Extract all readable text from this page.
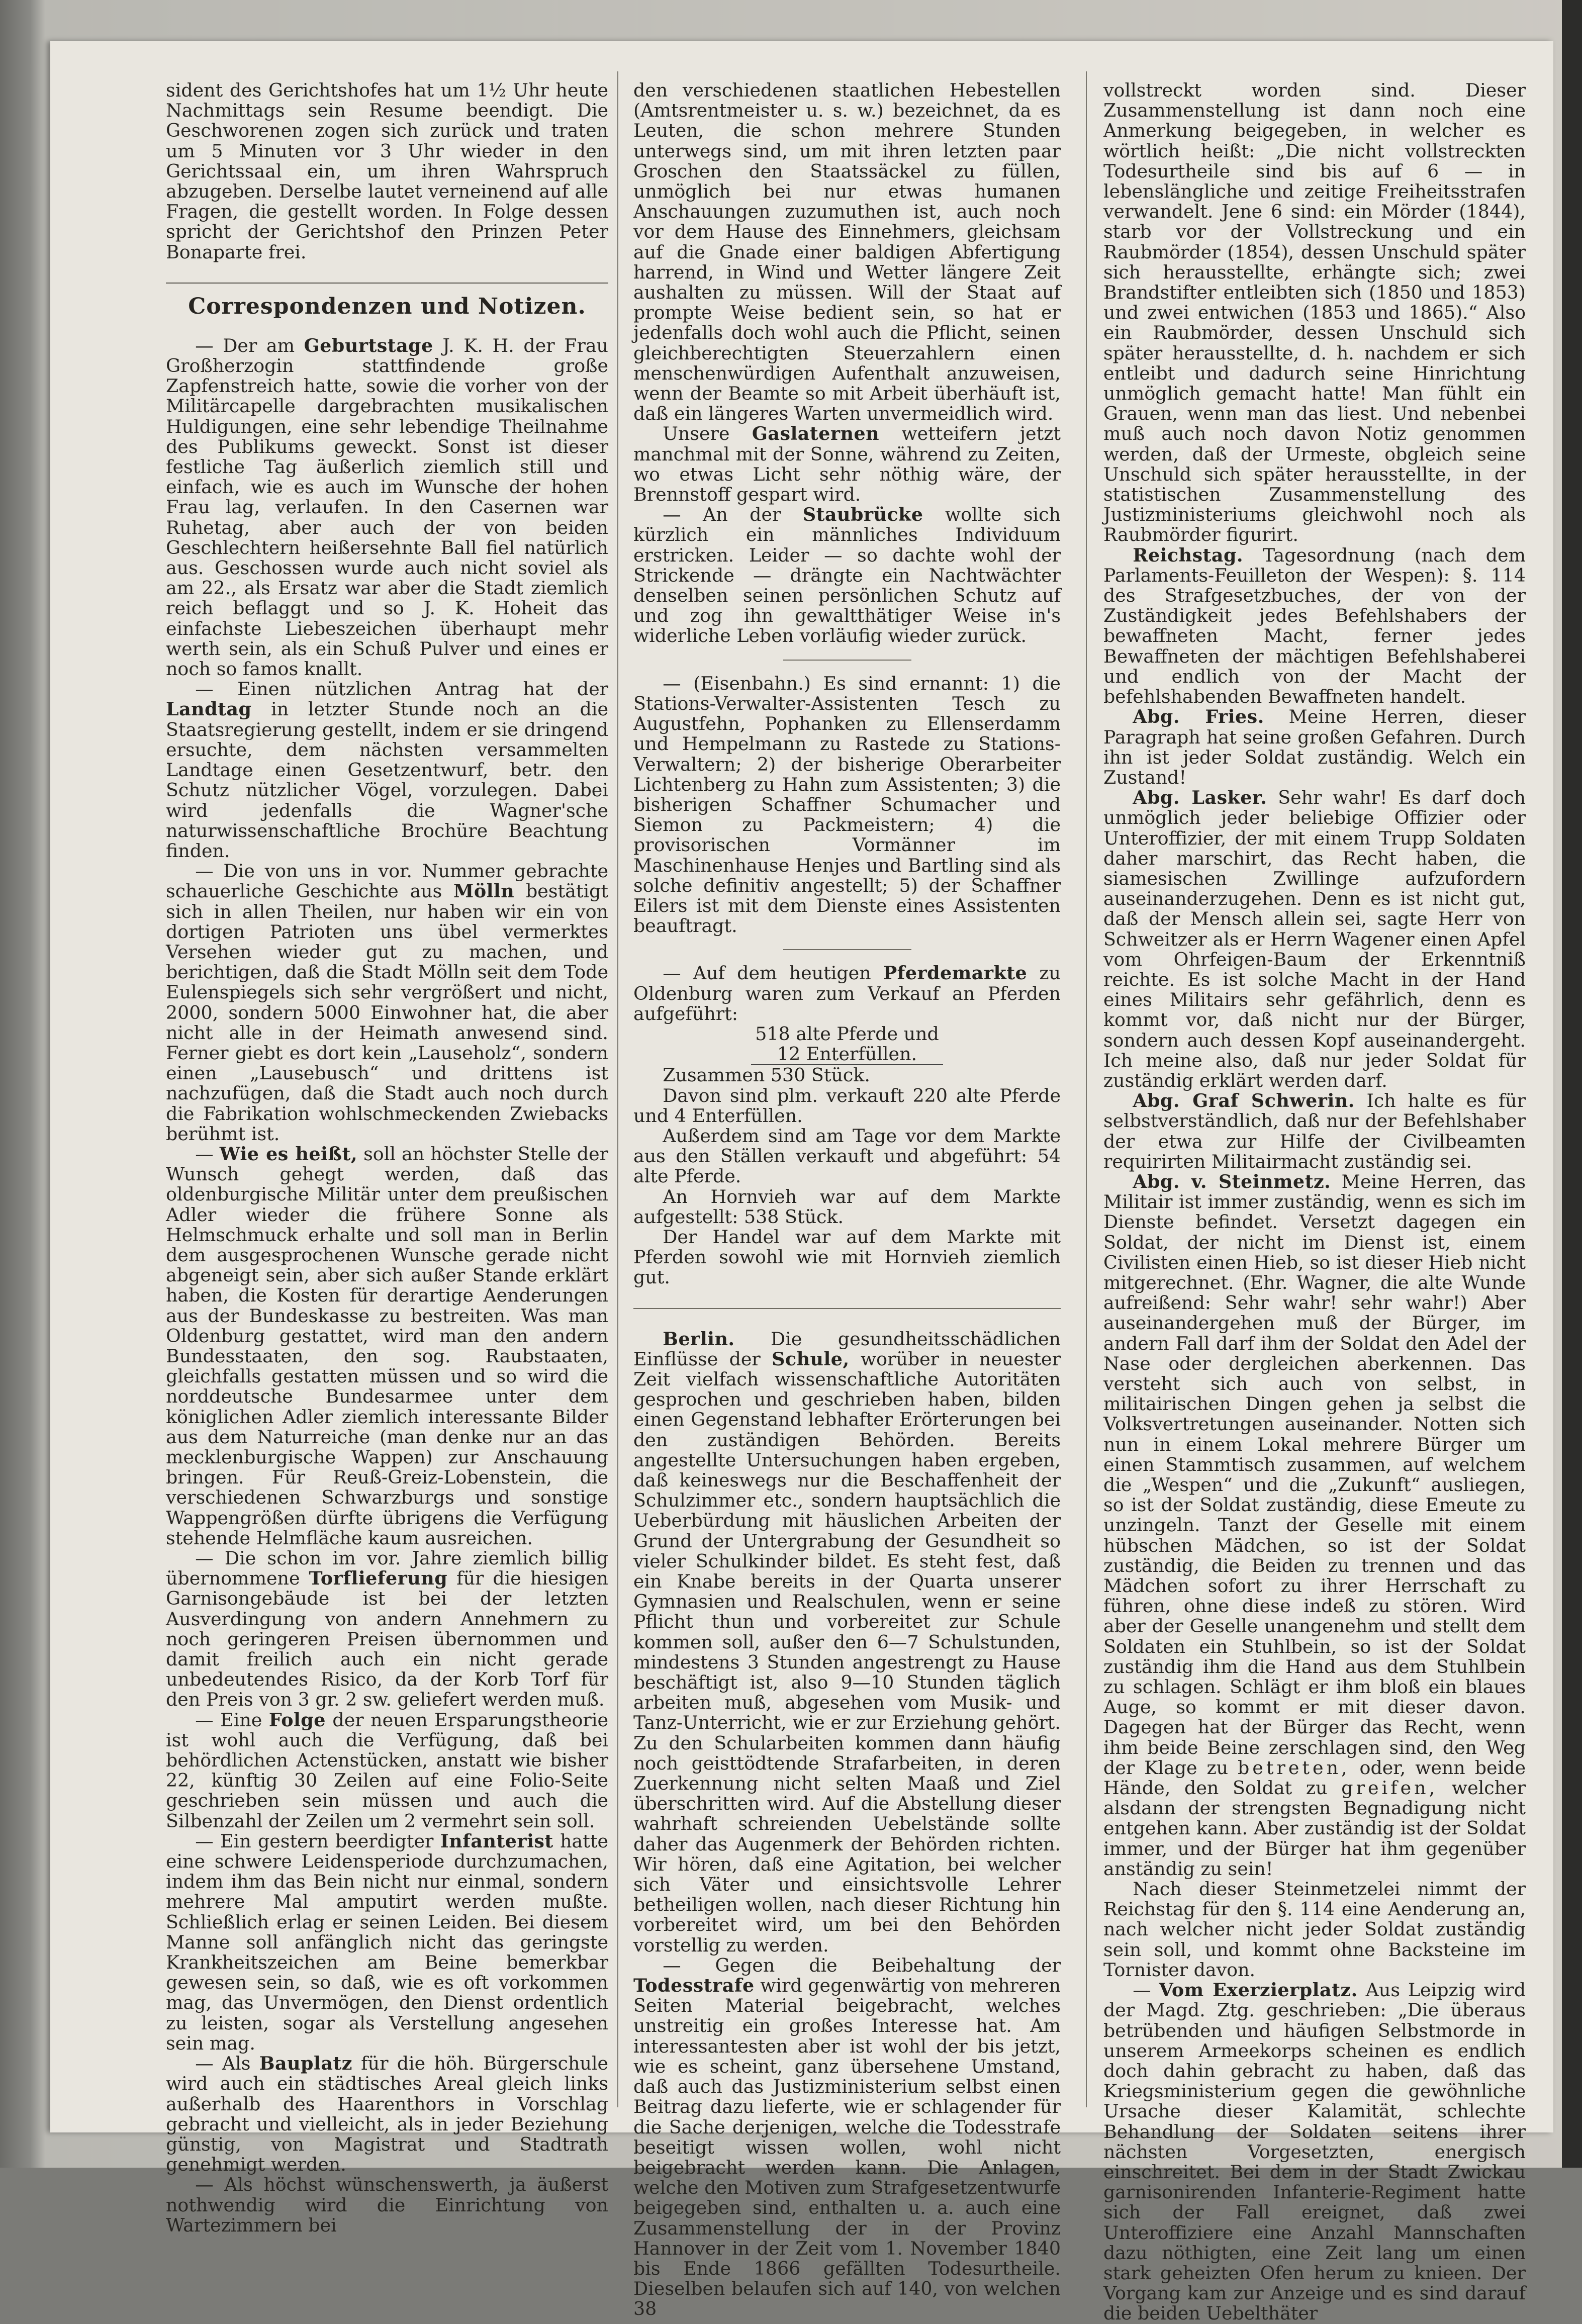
sident des Gerichtshofes hat um 1½ Uhr heute Nachmittags sein Resume beendigt. Die Geschworenen zogen sich zurück und traten um 5 Minuten vor 3 Uhr wieder in den Gerichtssaal ein, um ihren Wahrspruch abzugeben. Derselbe lautet verneinend auf alle Fragen, die gestellt worden. In Folge dessen spricht der Gerichtshof den Prinzen Peter Bonaparte frei.

Correspondenzen und Notizen.

— Der am Geburtstage J. K. H. der Frau Großherzogin stattfindende große Zapfenstreich hatte, sowie die vorher von der Militärcapelle dargebrachten musikalischen Huldigungen, eine sehr lebendige Theilnahme des Publikums geweckt. Sonst ist dieser festliche Tag äußerlich ziemlich still und einfach, wie es auch im Wunsche der hohen Frau lag, verlaufen. In den Casernen war Ruhetag, aber auch der von beiden Geschlechtern heißersehnte Ball fiel natürlich aus. Geschossen wurde auch nicht soviel als am 22., als Ersatz war aber die Stadt ziemlich reich beflaggt und so J. K. Hoheit das einfachste Liebeszeichen überhaupt mehr werth sein, als ein Schuß Pulver und eines er noch so famos knallt.

— Einen nützlichen Antrag hat der Landtag in letzter Stunde noch an die Staatsregierung gestellt, indem er sie dringend ersuchte, dem nächsten versammelten Landtage einen Gesetzentwurf, betr. den Schutz nützlicher Vögel, vorzulegen. Dabei wird jedenfalls die Wagner'sche naturwissenschaftliche Brochüre Beachtung finden.

— Die von uns in vor. Nummer gebrachte schauerliche Geschichte aus Mölln bestätigt sich in allen Theilen, nur haben wir ein von dortigen Patrioten uns übel vermerktes Versehen wieder gut zu machen, und berichtigen, daß die Stadt Mölln seit dem Tode Eulenspiegels sich sehr vergrößert und nicht, 2000, sondern 5000 Einwohner hat, die aber nicht alle in der Heimath anwesend sind. Ferner giebt es dort kein „Lauseholz“, sondern einen „Lausebusch“ und drittens ist nachzufügen, daß die Stadt auch noch durch die Fabrikation wohlschmeckenden Zwiebacks berühmt ist.

— Wie es heißt, soll an höchster Stelle der Wunsch gehegt werden, daß das oldenburgische Militär unter dem preußischen Adler wieder die frühere Sonne als Helmschmuck erhalte und soll man in Berlin dem ausgesprochenen Wunsche gerade nicht abgeneigt sein, aber sich außer Stande erklärt haben, die Kosten für derartige Aenderungen aus der Bundeskasse zu bestreiten. Was man Oldenburg gestattet, wird man den andern Bundesstaaten, den sog. Raubstaaten, gleichfalls gestatten müssen und so wird die norddeutsche Bundesarmee unter dem königlichen Adler ziemlich interessante Bilder aus dem Naturreiche (man denke nur an das mecklenburgische Wappen) zur Anschauung bringen. Für Reuß-Greiz-Lobenstein, die verschiedenen Schwarzburgs und sonstige Wappengrößen dürfte übrigens die Verfügung stehende Helmfläche kaum ausreichen.

— Die schon im vor. Jahre ziemlich billig übernommene Torflieferung für die hiesigen Garnisongebäude ist bei der letzten Ausverdingung von andern Annehmern zu noch geringeren Preisen übernommen und damit freilich auch ein nicht gerade unbedeutendes Risico, da der Korb Torf für den Preis von 3 gr. 2 sw. geliefert werden muß.

— Eine Folge der neuen Ersparungstheorie ist wohl auch die Verfügung, daß bei behördlichen Actenstücken, anstatt wie bisher 22, künftig 30 Zeilen auf eine Folio-Seite geschrieben sein müssen und auch die Silbenzahl der Zeilen um 2 vermehrt sein soll.

— Ein gestern beerdigter Infanterist hatte eine schwere Leidensperiode durchzumachen, indem ihm das Bein nicht nur einmal, sondern mehrere Mal amputirt werden mußte. Schließlich erlag er seinen Leiden. Bei diesem Manne soll anfänglich nicht das geringste Krankheitszeichen am Beine bemerkbar gewesen sein, so daß, wie es oft vorkommen mag, das Unvermögen, den Dienst ordentlich zu leisten, sogar als Verstellung angesehen sein mag.

— Als Bauplatz für die höh. Bürgerschule wird auch ein städtisches Areal gleich links außerhalb des Haarenthors in Vorschlag gebracht und vielleicht, als in jeder Beziehung günstig, von Magistrat und Stadtrath genehmigt werden.

— Als höchst wünschenswerth, ja äußerst nothwendig wird die Einrichtung von Wartezimmern bei

den verschiedenen staatlichen Hebestellen (Amtsrentmeister u. s. w.) bezeichnet, da es Leuten, die schon mehrere Stunden unterwegs sind, um mit ihren letzten paar Groschen den Staatssäckel zu füllen, unmöglich bei nur etwas humanen Anschauungen zuzumuthen ist, auch noch vor dem Hause des Einnehmers, gleichsam auf die Gnade einer baldigen Abfertigung harrend, in Wind und Wetter längere Zeit aushalten zu müssen. Will der Staat auf prompte Weise bedient sein, so hat er jedenfalls doch wohl auch die Pflicht, seinen gleichberechtigten Steuerzahlern einen menschenwürdigen Aufenthalt anzuweisen, wenn der Beamte so mit Arbeit überhäuft ist, daß ein längeres Warten unvermeidlich wird.

Unsere Gaslaternen wetteifern jetzt manchmal mit der Sonne, während zu Zeiten, wo etwas Licht sehr nöthig wäre, der Brennstoff gespart wird.

— An der Staubrücke wollte sich kürzlich ein männliches Individuum erstricken. Leider — so dachte wohl der Strickende — drängte ein Nachtwächter denselben seinen persönlichen Schutz auf und zog ihn gewaltthätiger Weise in's widerliche Leben vorläufig wieder zurück.

— (Eisenbahn.) Es sind ernannt: 1) die Stations-Verwalter-Assistenten Tesch zu Augustfehn, Pophanken zu Ellenserdamm und Hempelmann zu Rastede zu Stations-Verwaltern; 2) der bisherige Oberarbeiter Lichtenberg zu Hahn zum Assistenten; 3) die bisherigen Schaffner Schumacher und Siemon zu Packmeistern; 4) die provisorischen Vormänner im Maschinenhause Henjes und Bartling sind als solche definitiv angestellt; 5) der Schaffner Eilers ist mit dem Dienste eines Assistenten beauftragt.

— Auf dem heutigen Pferdemarkte zu Oldenburg waren zum Verkauf an Pferden aufgeführt:

518 alte Pferde und

12 Enterfüllen.

Zusammen 530 Stück.

Davon sind plm. verkauft 220 alte Pferde und 4 Enterfüllen.

Außerdem sind am Tage vor dem Markte aus den Ställen verkauft und abgeführt: 54 alte Pferde.

An Hornvieh war auf dem Markte aufgestellt: 538 Stück.

Der Handel war auf dem Markte mit Pferden sowohl wie mit Hornvieh ziemlich gut.

Berlin. Die gesundheitsschädlichen Einflüsse der Schule, worüber in neuester Zeit vielfach wissenschaftliche Autoritäten gesprochen und geschrieben haben, bilden einen Gegenstand lebhafter Erörterungen bei den zuständigen Behörden. Bereits angestellte Untersuchungen haben ergeben, daß keineswegs nur die Beschaffenheit der Schulzimmer etc., sondern hauptsächlich die Ueberbürdung mit häuslichen Arbeiten der Grund der Untergrabung der Gesundheit so vieler Schulkinder bildet. Es steht fest, daß ein Knabe bereits in der Quarta unserer Gymnasien und Realschulen, wenn er seine Pflicht thun und vorbereitet zur Schule kommen soll, außer den 6—7 Schulstunden, mindestens 3 Stunden angestrengt zu Hause beschäftigt ist, also 9—10 Stunden täglich arbeiten muß, abgesehen vom Musik- und Tanz-Unterricht, wie er zur Erziehung gehört. Zu den Schularbeiten kommen dann häufig noch geisttödtende Strafarbeiten, in deren Zuerkennung nicht selten Maaß und Ziel überschritten wird. Auf die Abstellung dieser wahrhaft schreienden Uebelstände sollte daher das Augenmerk der Behörden richten. Wir hören, daß eine Agitation, bei welcher sich Väter und einsichtsvolle Lehrer betheiligen wollen, nach dieser Richtung hin vorbereitet wird, um bei den Behörden vorstellig zu werden.

— Gegen die Beibehaltung der Todesstrafe wird gegenwärtig von mehreren Seiten Material beigebracht, welches unstreitig ein großes Interesse hat. Am interessantesten aber ist wohl der bis jetzt, wie es scheint, ganz übersehene Umstand, daß auch das Justizministerium selbst einen Beitrag dazu lieferte, wie er schlagender für die Sache derjenigen, welche die Todesstrafe beseitigt wissen wollen, wohl nicht beigebracht werden kann. Die Anlagen, welche den Motiven zum Strafgesetzentwurfe beigegeben sind, enthalten u. a. auch eine Zusammenstellung der in der Provinz Hannover in der Zeit vom 1. November 1840 bis Ende 1866 gefällten Todesurtheile. Dieselben belaufen sich auf 140, von welchen 38

vollstreckt worden sind. Dieser Zusammenstellung ist dann noch eine Anmerkung beigegeben, in welcher es wörtlich heißt: „Die nicht vollstreckten Todesurtheile sind bis auf 6 — in lebenslängliche und zeitige Freiheitsstrafen verwandelt. Jene 6 sind: ein Mörder (1844), starb vor der Vollstreckung und ein Raubmörder (1854), dessen Unschuld später sich herausstellte, erhängte sich; zwei Brandstifter entleibten sich (1850 und 1853) und zwei entwichen (1853 und 1865).“ Also ein Raubmörder, dessen Unschuld sich später herausstellte, d. h. nachdem er sich entleibt und dadurch seine Hinrichtung unmöglich gemacht hatte! Man fühlt ein Grauen, wenn man das liest. Und nebenbei muß auch noch davon Notiz genommen werden, daß der Urmeste, obgleich seine Unschuld sich später herausstellte, in der statistischen Zusammenstellung des Justizministeriums gleichwohl noch als Raubmörder figurirt.

Reichstag. Tagesordnung (nach dem Parlaments-Feuilleton der Wespen): §. 114 des Strafgesetzbuches, der von der Zuständigkeit jedes Befehlshabers der bewaffneten Macht, ferner jedes Bewaffneten der mächtigen Befehlshaberei und endlich von der Macht der befehlshabenden Bewaffneten handelt.

Abg. Fries. Meine Herren, dieser Paragraph hat seine großen Gefahren. Durch ihn ist jeder Soldat zuständig. Welch ein Zustand!

Abg. Lasker. Sehr wahr! Es darf doch unmöglich jeder beliebige Offizier oder Unteroffizier, der mit einem Trupp Soldaten daher marschirt, das Recht haben, die siamesischen Zwillinge aufzufordern auseinanderzugehen. Denn es ist nicht gut, daß der Mensch allein sei, sagte Herr von Schweitzer als er Herrn Wagener einen Apfel vom Ohrfeigen-Baum der Erkenntniß reichte. Es ist solche Macht in der Hand eines Militairs sehr gefährlich, denn es kommt vor, daß nicht nur der Bürger, sondern auch dessen Kopf auseinandergeht. Ich meine also, daß nur jeder Soldat für zuständig erklärt werden darf.

Abg. Graf Schwerin. Ich halte es für selbstverständlich, daß nur der Befehlshaber der etwa zur Hilfe der Civilbeamten requirirten Militairmacht zuständig sei.

Abg. v. Steinmetz. Meine Herren, das Militair ist immer zuständig, wenn es sich im Dienste befindet. Versetzt dagegen ein Soldat, der nicht im Dienst ist, einem Civilisten einen Hieb, so ist dieser Hieb nicht mitgerechnet. (Ehr. Wagner, die alte Wunde aufreißend: Sehr wahr! sehr wahr!) Aber auseinandergehen muß der Bürger, im andern Fall darf ihm der Soldat den Adel der Nase oder dergleichen aberkennen. Das versteht sich auch von selbst, in militairischen Dingen gehen ja selbst die Volksvertretungen auseinander. Notten sich nun in einem Lokal mehrere Bürger um einen Stammtisch zusammen, auf welchem die „Wespen“ und die „Zukunft“ ausliegen, so ist der Soldat zuständig, diese Emeute zu unzingeln. Tanzt der Geselle mit einem hübschen Mädchen, so ist der Soldat zuständig, die Beiden zu trennen und das Mädchen sofort zu ihrer Herrschaft zu führen, ohne diese indeß zu stören. Wird aber der Geselle unangenehm und stellt dem Soldaten ein Stuhlbein, so ist der Soldat zuständig ihm die Hand aus dem Stuhlbein zu schlagen. Schlägt er ihm bloß ein blaues Auge, so kommt er mit dieser davon. Dagegen hat der Bürger das Recht, wenn ihm beide Beine zerschlagen sind, den Weg der Klage zu betreten, oder, wenn beide Hände, den Soldat zu greifen, welcher alsdann der strengsten Begnadigung nicht entgehen kann. Aber zuständig ist der Soldat immer, und der Bürger hat ihm gegenüber anständig zu sein!

Nach dieser Steinmetzelei nimmt der Reichstag für den §. 114 eine Aenderung an, nach welcher nicht jeder Soldat zuständig sein soll, und kommt ohne Backsteine im Tornister davon.

— Vom Exerzierplatz. Aus Leipzig wird der Magd. Ztg. geschrieben: „Die überaus betrübenden und häufigen Selbstmorde in unserem Armeekorps scheinen es endlich doch dahin gebracht zu haben, daß das Kriegsministerium gegen die gewöhnliche Ursache dieser Kalamität, schlechte Behandlung der Soldaten seitens ihrer nächsten Vorgesetzten, energisch einschreitet. Bei dem in der Stadt Zwickau garnisonirenden Infanterie-Regiment hatte sich der Fall ereignet, daß zwei Unteroffiziere eine Anzahl Mannschaften dazu nöthigten, eine Zeit lang um einen stark geheizten Ofen herum zu knieen. Der Vorgang kam zur Anzeige und es sind darauf die beiden Uebelthäter
